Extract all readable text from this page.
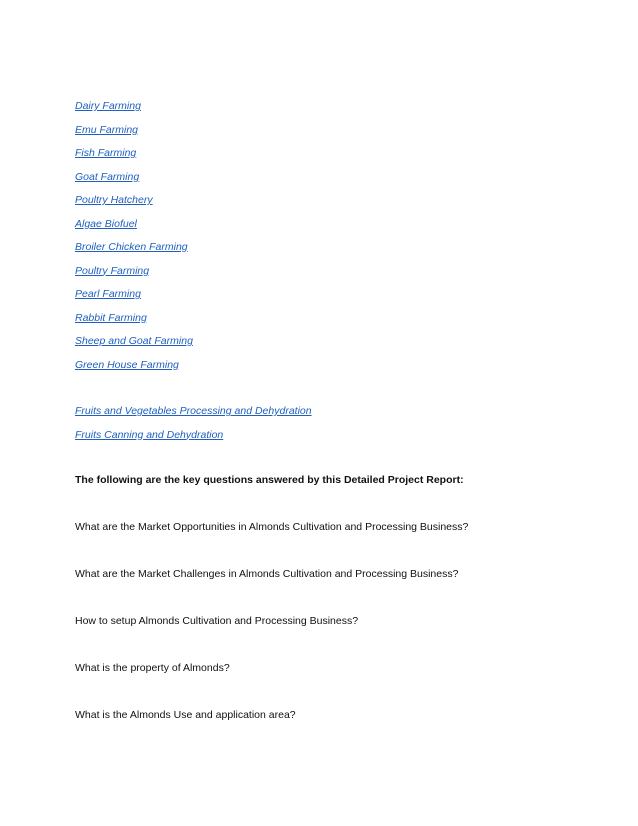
Dairy Farming
Emu Farming
Fish Farming
Goat Farming
Poultry Hatchery
Algae Biofuel
Broiler Chicken Farming
Poultry Farming
Pearl Farming
Rabbit Farming
Sheep and Goat Farming
Green House Farming
Fruits and Vegetables Processing and Dehydration
Fruits Canning and Dehydration
The following are the key questions answered by this Detailed Project Report:
What are the Market Opportunities in Almonds Cultivation and Processing Business?
What are the Market Challenges in Almonds Cultivation and Processing Business?
How to setup Almonds Cultivation and Processing Business?
What is the property of Almonds?
What is the Almonds Use and application area?
